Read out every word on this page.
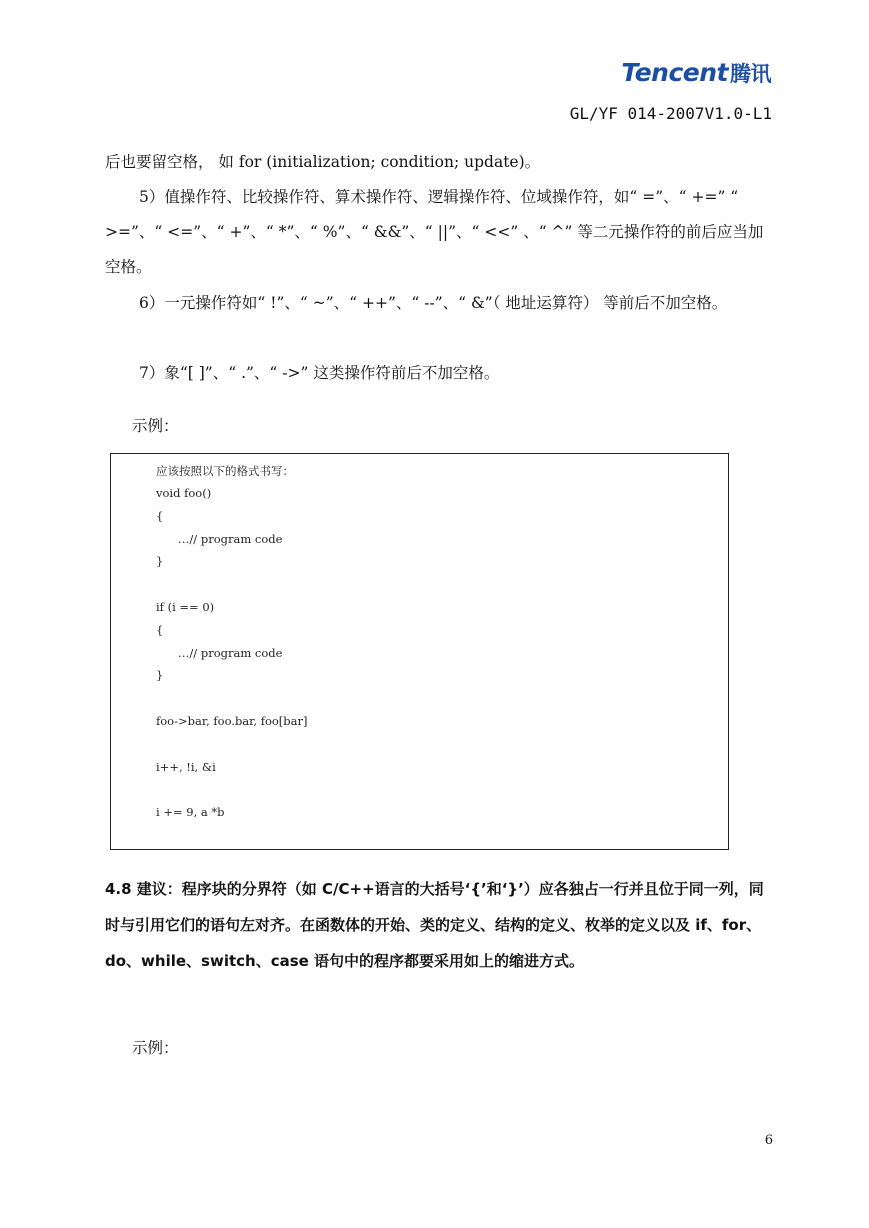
Tencent腾讯
GL/YF 014-2007V1.0-L1
后也要留空格， 如 for (initialization; condition; update)。
5）值操作符、比较操作符、算术操作符、逻辑操作符、位域操作符，如“ =”、“ +=” “ >=”、“ <=”、“ +”、“ *”、“ %”、“ &&”、“ ||”、“ <<” 、“ ^” 等二元操作符的前后应当加空格。
6）一元操作符如“ !”、“ ~”、“ ++”、“ --”、“ &”（ 地址运算符） 等前后不加空格。
7）象“[ ]”、“ .”、“ ->” 这类操作符前后不加空格。
示例：
应该按照以下的格式书写：
void foo()
{
…// program code
}
if (i == 0)
{
…// program code
}
foo->bar, foo.bar, foo[bar]
i++, !i, &i
i += 9, a *b
4.8 建议：程序块的分界符（如 C/C++语言的大括号‘{’和‘}’）应各独占一行并且位于同一列，同时与引用它们的语句左对齐。在函数体的开始、类的定义、结构的定义、枚举的定义以及 if、for、do、while、switch、case 语句中的程序都要采用如上的缩进方式。
示例：
6
